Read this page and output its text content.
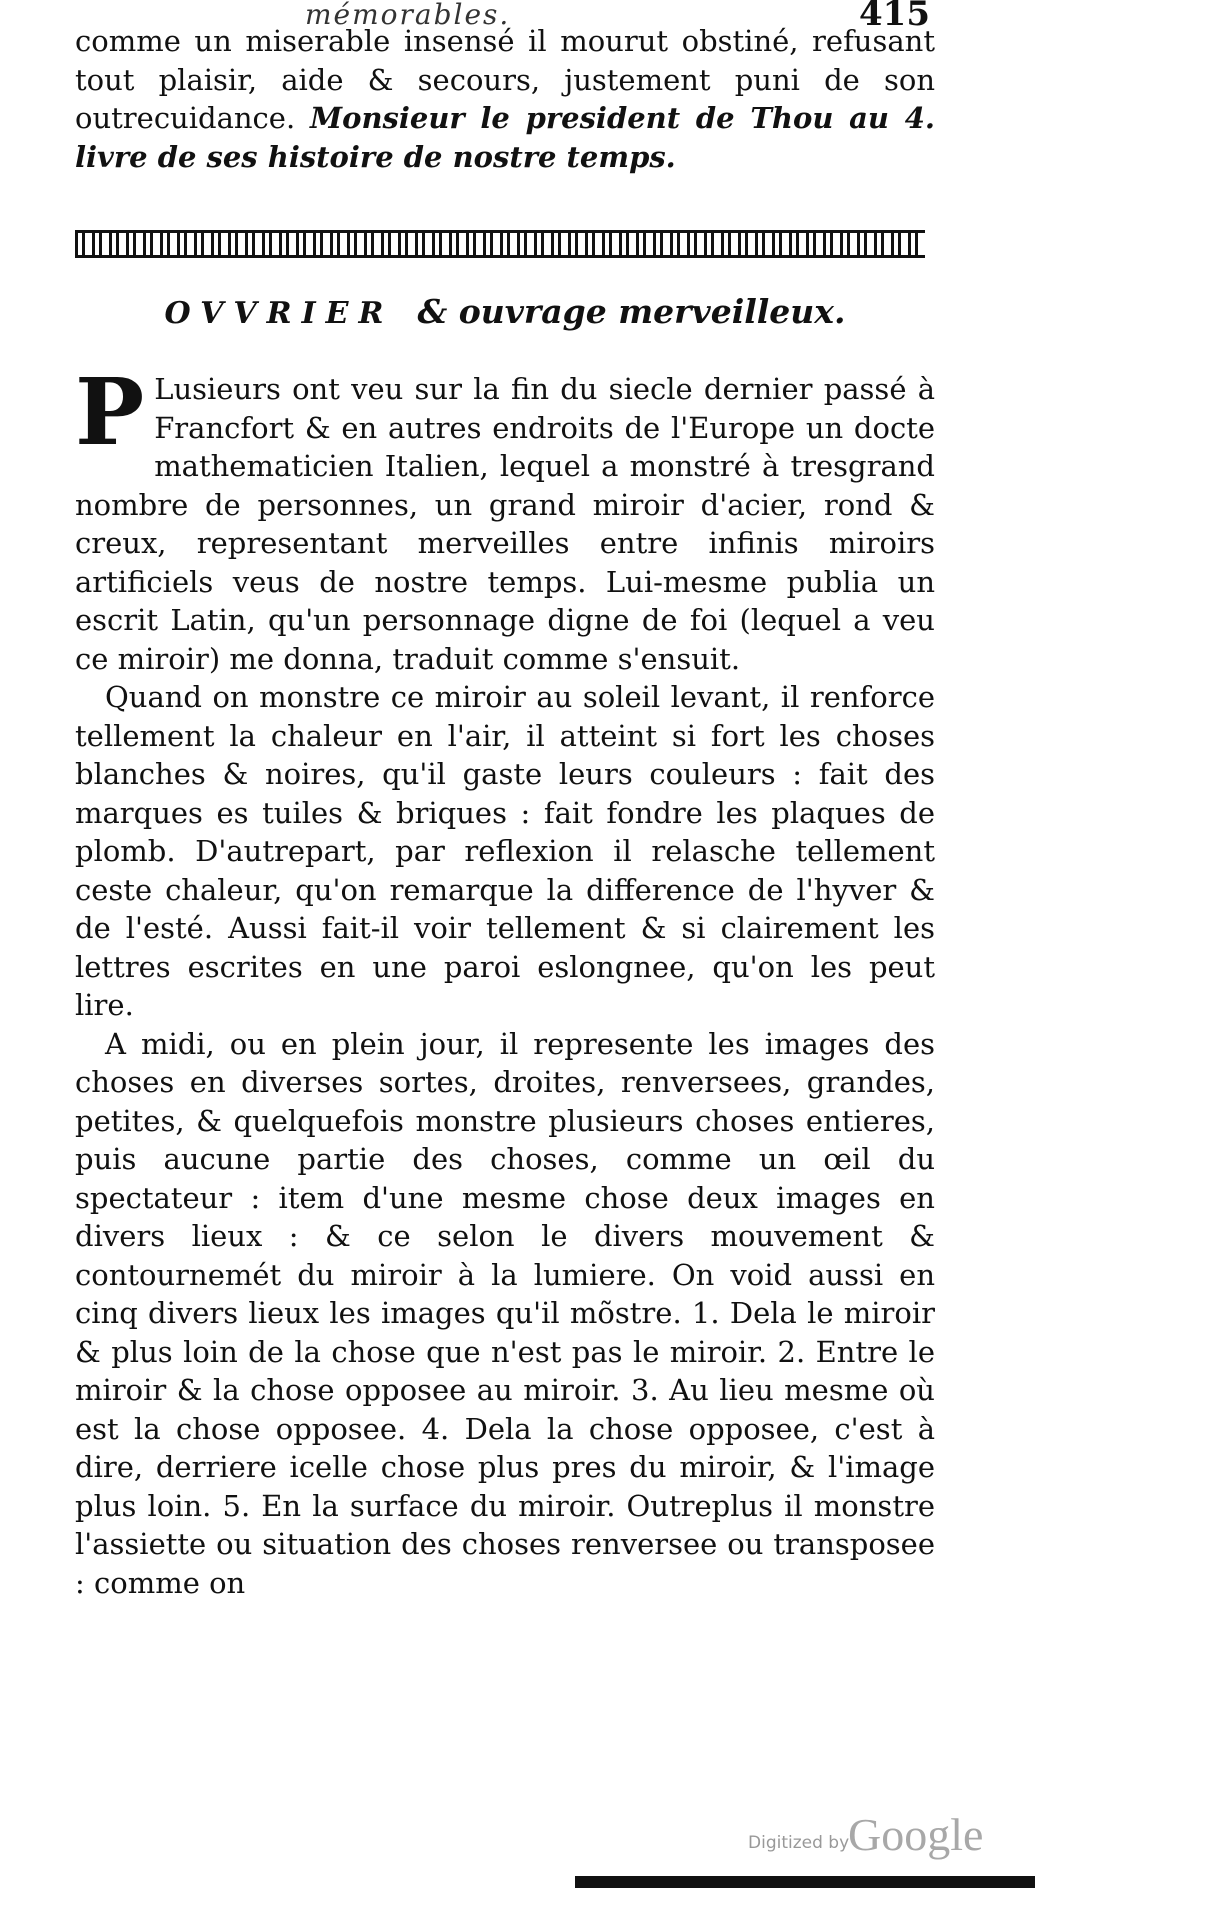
mémorables.	415

comme un miserable insensé il mourut obstiné, refusant tout plaisir, aide & secours, justement puni de son outrecuidance. Monsieur le president de Thou au 4. livre de ses histoire de nostre temps.

OVVRIER & ouvrage merveilleux.

P Lusieurs ont veu sur la fin du siecle dernier passé à Francfort & en autres endroits de l'Europe un docte mathematicien Italien, lequel a monstré à tresgrand nombre de personnes, un grand miroir d'acier, rond & creux, representant merveilles entre infinis miroirs artificiels veus de nostre temps. Lui-mesme publia un escrit Latin, qu'un personnage digne de foi (lequel a veu ce miroir) me donna, traduit comme s'ensuit.

Quand on monstre ce miroir au soleil levant, il renforce tellement la chaleur en l'air, il atteint si fort les choses blanches & noires, qu'il gaste leurs couleurs : fait des marques es tuiles & briques : fait fondre les plaques de plomb. D'autrepart, par reflexion il relasche tellement ceste chaleur, qu'on remarque la difference de l'hyver & de l'esté. Aussi fait-il voir tellement & si clairement les lettres escrites en une paroi eslongnee, qu'on les peut lire.

A midi, ou en plein jour, il represente les images des choses en diverses sortes, droites, renversees, grandes, petites, & quelquefois monstre plusieurs choses entieres, puis aucune partie des choses, comme un œil du spectateur : item d'une mesme chose deux images en divers lieux : & ce selon le divers mouvement & contournemét du miroir à la lumiere. On void aussi en cinq divers lieux les images qu'il mõstre. 1. Dela le miroir & plus loin de la chose que n'est pas le miroir. 2. Entre le miroir & la chose opposee au miroir. 3. Au lieu mesme où est la chose opposee. 4. Dela la chose opposee, c'est à dire, derriere icelle chose plus pres du miroir, & l'image plus loin. 5. En la surface du miroir. Outreplus il monstre l'assiette ou situation des choses renversee ou transposee : comme on

Digitized by
Google
